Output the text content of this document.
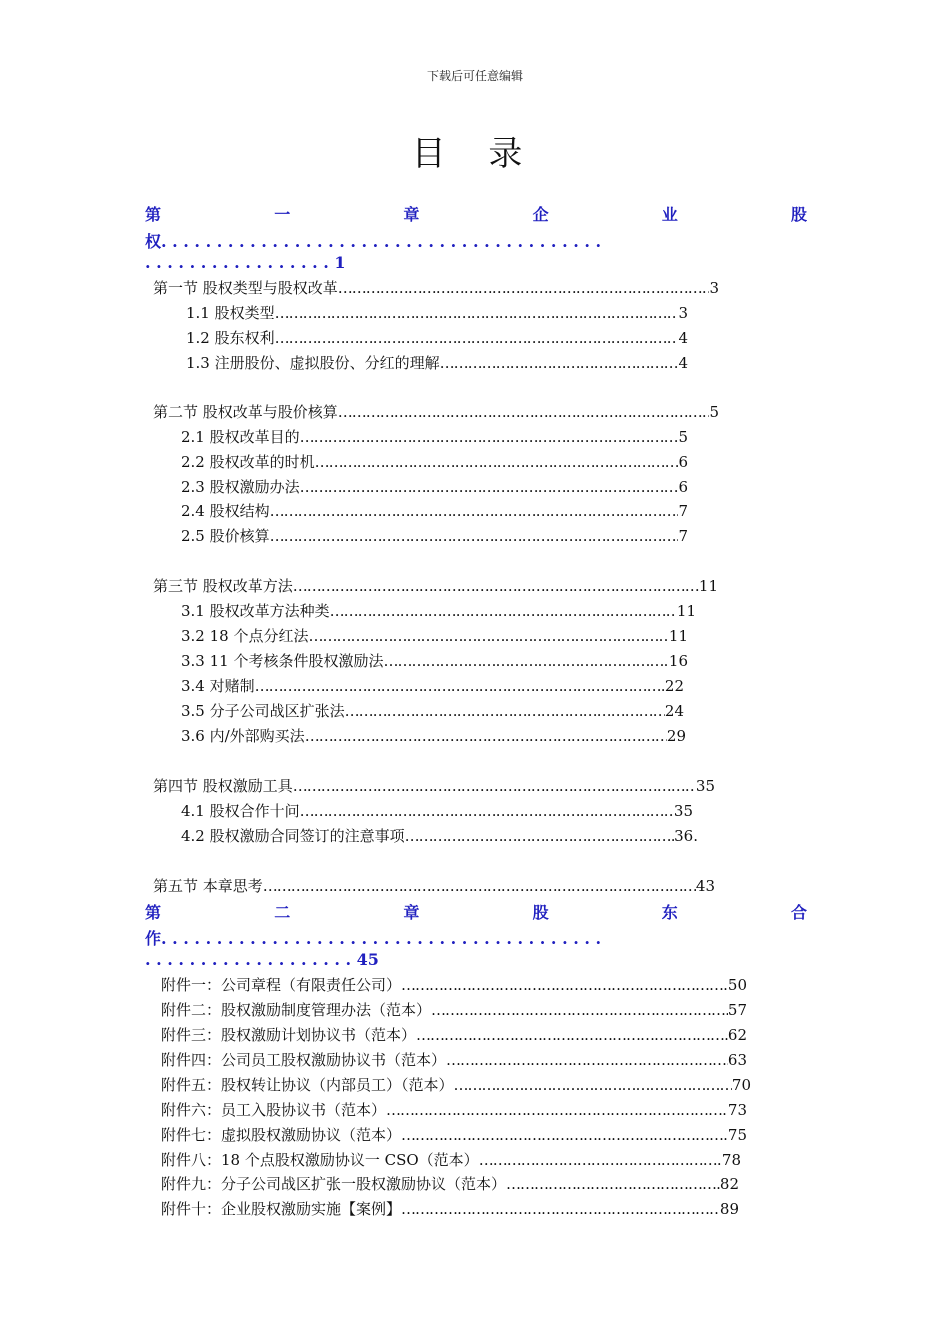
下载后可任意编辑
目 录
第	一	章	企	业	股
权. . . . . . . . . . . . . . . . . . . . . . . . . . . . . . . . . . . . . . . .
. . . . . . . . . . . . . . . . . 1
第一节 股权类型与股权改革 ……………………………………………………………………………………………………………………………………………………………………	3
1.1 股权类型 ……………………………………………………………………………………………………………………………………………………………………	3
1.2 股东权利 ……………………………………………………………………………………………………………………………………………………………………	4
1.3 注册股份、虚拟股份、分红的理解 ……………………………………………………………………………………………………………………………………………………………………	4
第二节 股权改革与股价核算 ……………………………………………………………………………………………………………………………………………………………………	5
2.1 股权改革目的 ……………………………………………………………………………………………………………………………………………………………………	5
2.2 股权改革的时机 ……………………………………………………………………………………………………………………………………………………………………	6
2.3 股权激励办法 ……………………………………………………………………………………………………………………………………………………………………	6
2.4 股权结构 ……………………………………………………………………………………………………………………………………………………………………	7
2.5 股价核算 ……………………………………………………………………………………………………………………………………………………………………	7
第三节 股权改革方法 ……………………………………………………………………………………………………………………………………………………………………	11
3.1 股权改革方法种类 ……………………………………………………………………………………………………………………………………………………………………	11
3.2 18 个点分红法 ……………………………………………………………………………………………………………………………………………………………………	11
3.3 11 个考核条件股权激励法 ……………………………………………………………………………………………………………………………………………………………………	16
3.4 对赌制 ……………………………………………………………………………………………………………………………………………………………………	22
3.5 分子公司战区扩张法 ……………………………………………………………………………………………………………………………………………………………………	24
3.6 内/外部购买法 ……………………………………………………………………………………………………………………………………………………………………	29
第四节 股权激励工具 ……………………………………………………………………………………………………………………………………………………………………	35
4.1 股权合作十问 ……………………………………………………………………………………………………………………………………………………………………	35
4.2 股权激励合同签订的注意事项 ……………………………………………………………………………………………………………………………………………………………………	36.
第五节 本章思考 ……………………………………………………………………………………………………………………………………………………………………	43
第	二	章	股	东	合
作. . . . . . . . . . . . . . . . . . . . . . . . . . . . . . . . . . . . . . . .
. . . . . . . . . . . . . . . . . . . 45
附件一：公司章程（有限责任公司） ……………………………………………………………………………………………………………………………………………………………………	50
附件二：股权激励制度管理办法（范本） ……………………………………………………………………………………………………………………………………………………………………	57
附件三：股权激励计划协议书（范本） ……………………………………………………………………………………………………………………………………………………………………	62
附件四：公司员工股权激励协议书（范本） ……………………………………………………………………………………………………………………………………………………………………	63
附件五：股权转让协议（内部员工）（范本） ……………………………………………………………………………………………………………………………………………………………………	70
附件六：员工入股协议书（范本） ……………………………………………………………………………………………………………………………………………………………………	73
附件七：虚拟股权激励协议（范本） ……………………………………………………………………………………………………………………………………………………………………	75
附件八：18 个点股权激励协议一 CSO（范本） ……………………………………………………………………………………………………………………………………………………………………	78
附件九：分子公司战区扩张一股权激励协议（范本） ……………………………………………………………………………………………………………………………………………………………………	82
附件十：企业股权激励实施【案例】 ……………………………………………………………………………………………………………………………………………………………………	89
